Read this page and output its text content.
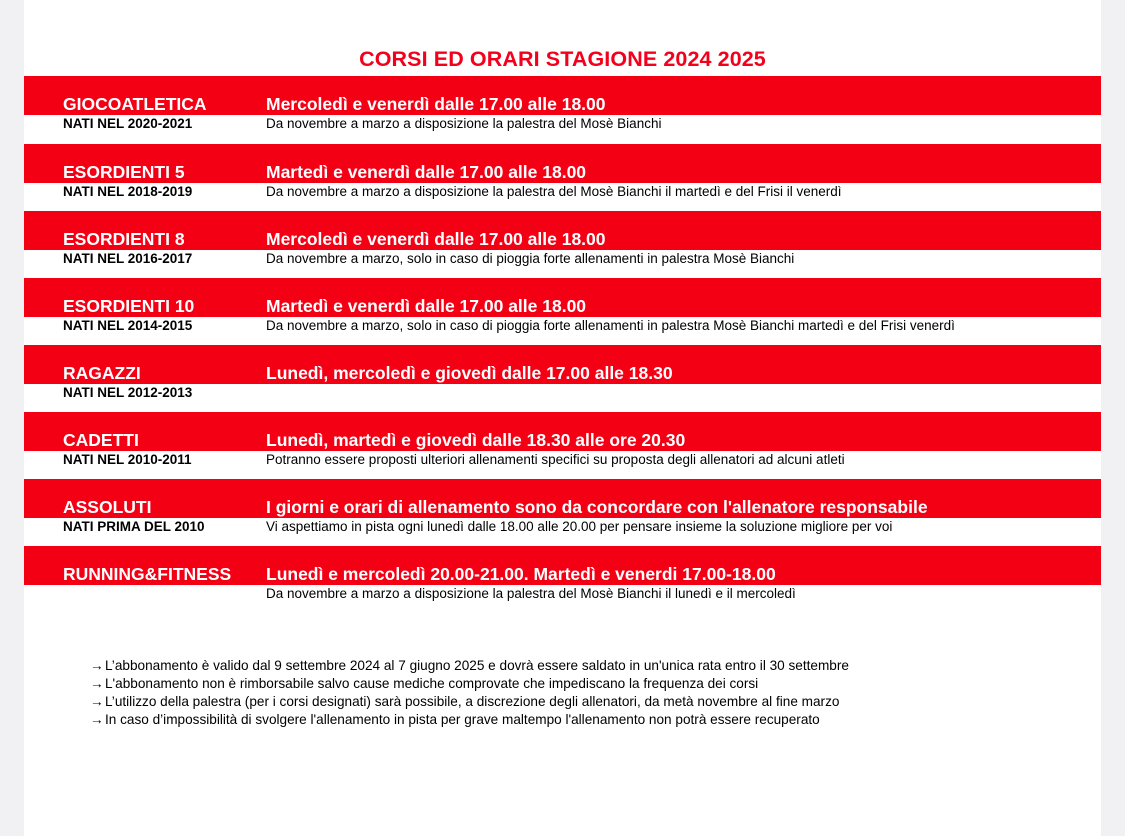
CORSI ED ORARI STAGIONE 2024 2025
GIOCOATLETICA	Mercoledì e venerdì dalle 17.00 alle 18.00
NATI NEL 2020-2021	Da novembre a marzo a disposizione la palestra del Mosè Bianchi
ESORDIENTI 5	Martedì e venerdì dalle 17.00 alle 18.00
NATI NEL 2018-2019	Da novembre a marzo a disposizione la palestra del Mosè Bianchi il martedì e del Frisi il venerdì
ESORDIENTI 8	Mercoledì e venerdì dalle 17.00 alle 18.00
NATI NEL 2016-2017	Da novembre a marzo, solo in caso di pioggia forte allenamenti in palestra Mosè Bianchi
ESORDIENTI 10	Martedì e venerdì dalle 17.00 alle 18.00
NATI NEL 2014-2015	Da novembre a marzo, solo in caso di pioggia forte allenamenti in palestra Mosè Bianchi martedì e del Frisi venerdì
RAGAZZI	Lunedì, mercoledì e giovedì dalle 17.00 alle 18.30
NATI NEL 2012-2013
CADETTI	Lunedì, martedì e giovedì dalle 18.30 alle ore 20.30
NATI NEL 2010-2011	Potranno essere proposti ulteriori allenamenti specifici su proposta degli allenatori ad alcuni atleti
ASSOLUTI	I giorni e orari di allenamento sono da concordare con l'allenatore responsabile
NATI PRIMA DEL 2010	Vi aspettiamo in pista ogni lunedì dalle 18.00 alle 20.00 per pensare insieme la soluzione migliore per voi
RUNNING&FITNESS Lunedì e mercoledì 20.00-21.00. Martedì e venerdi 17.00-18.00
Da novembre a marzo a disposizione la palestra del Mosè Bianchi il lunedì e il mercoledì
→L’abbonamento è valido dal 9 settembre 2024 al 7 giugno 2025 e dovrà essere saldato in un'unica rata entro il 30 settembre
→L'abbonamento non è rimborsabile salvo cause mediche comprovate che impediscano la frequenza dei corsi
→L’utilizzo della palestra (per i corsi designati) sarà possibile, a discrezione degli allenatori, da metà novembre al fine marzo
→In caso d’impossibilità di svolgere l'allenamento in pista per grave maltempo l'allenamento non potrà essere recuperato
